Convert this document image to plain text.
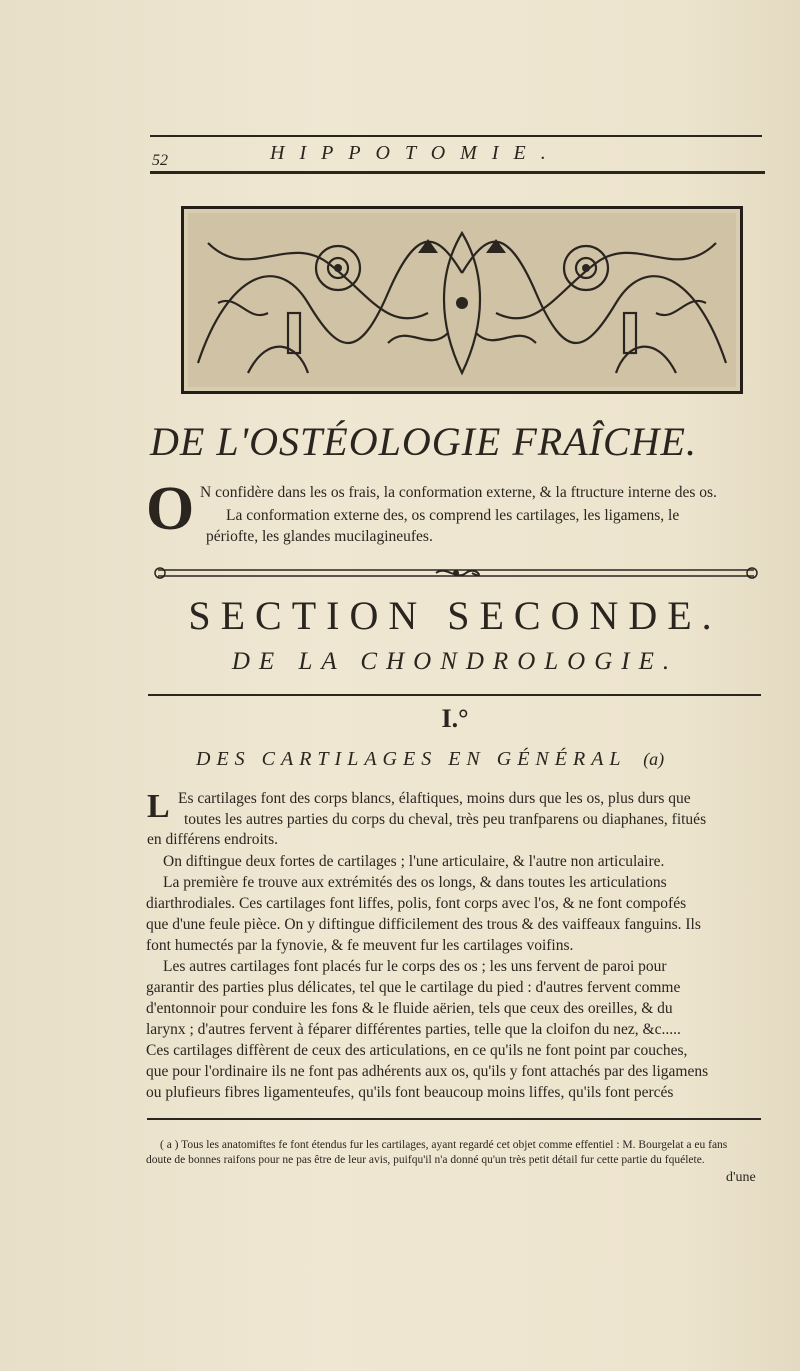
52	HIPPOTOMIE.
DE L'OSTÉOLOGIE FRAÎCHE.
O N confidère dans les os frais, la conformation externe, & la ftructure interne des os.
La conformation externe des, os comprend les cartilages, les ligamens, le
périofte, les glandes mucilagineufes.
SECTION SECONDE.
DE LA CHONDROLOGIE.
I.°
DES CARTILAGES EN GÉNÉRAL (a)
L Es cartilages font des corps blancs, élaftiques, moins durs que les os, plus durs que
toutes les autres parties du corps du cheval, très peu tranfparens ou diaphanes, fitués
en différens endroits.
On diftingue deux fortes de cartilages ; l'une articulaire, & l'autre non articulaire.
La première fe trouve aux extrémités des os longs, & dans toutes les articulations
diarthrodiales. Ces cartilages font liffes, polis, font corps avec l'os, & ne font compofés
que d'une feule pièce. On y diftingue difficilement des trous & des vaiffeaux fanguins. Ils
font humectés par la fynovie, & fe meuvent fur les cartilages voifins.
Les autres cartilages font placés fur le corps des os ; les uns fervent de paroi pour
garantir des parties plus délicates, tel que le cartilage du pied : d'autres fervent comme
d'entonnoir pour conduire les fons & le fluide aërien, tels que ceux des oreilles, & du
larynx ; d'autres fervent à féparer différentes parties, telle que la cloifon du nez, &c.....
Ces cartilages diffèrent de ceux des articulations, en ce qu'ils ne font point par couches,
que pour l'ordinaire ils ne font pas adhérents aux os, qu'ils y font attachés par des ligamens
ou plufieurs fibres ligamenteufes, qu'ils font beaucoup moins liffes, qu'ils font percés
( a ) Tous les anatomiftes fe font étendus fur les cartilages, ayant regardé cet objet comme effentiel : M. Bourgelat a eu fans
doute de bonnes raifons pour ne pas être de leur avis, puifqu'il n'a donné qu'un très petit détail fur cette partie du fquélete.
d'une
